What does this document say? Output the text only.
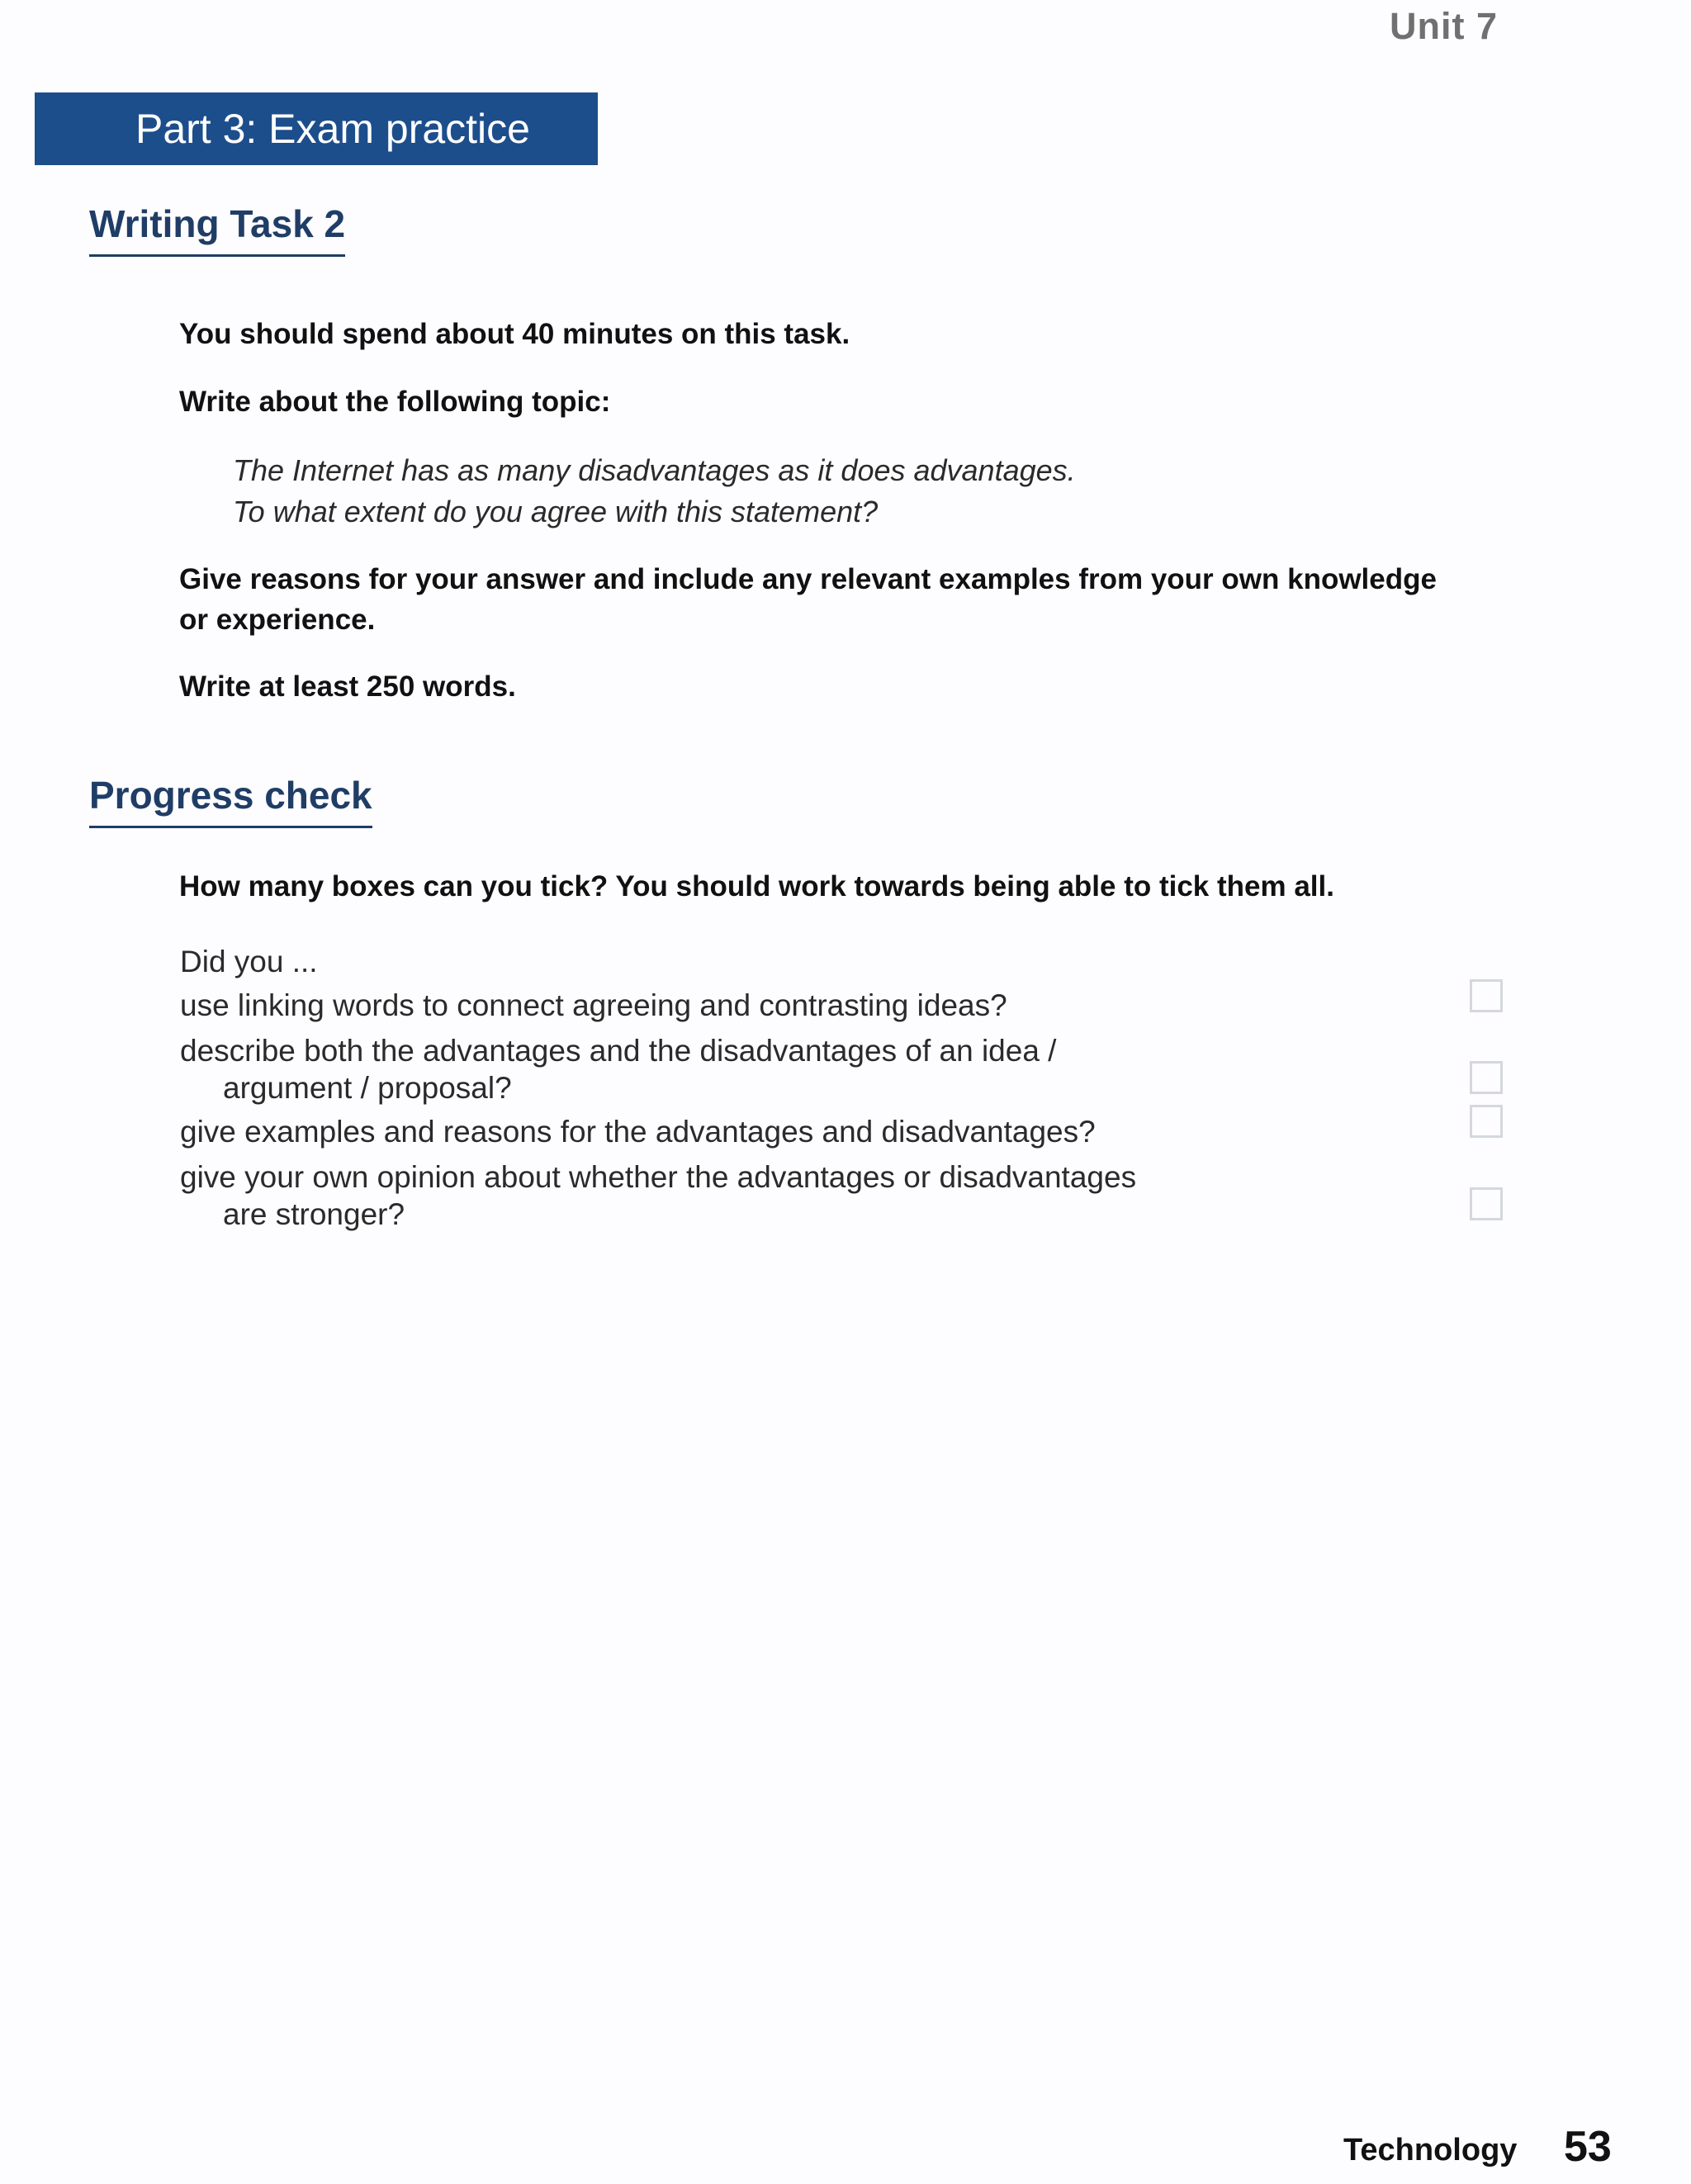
Unit 7
Part 3: Exam practice
Writing Task 2
You should spend about 40 minutes on this task.
Write about the following topic:
The Internet has as many disadvantages as it does advantages.
To what extent do you agree with this statement?
Give reasons for your answer and include any relevant examples from your own knowledge
or experience.
Write at least 250 words.
Progress check
How many boxes can you tick? You should work towards being able to tick them all.
Did you ...
use linking words to connect agreeing and contrasting ideas?
describe both the advantages and the disadvantages of an idea /
argument / proposal?
give examples and reasons for the advantages and disadvantages?
give your own opinion about whether the advantages or disadvantages
are stronger?
Technology 53
